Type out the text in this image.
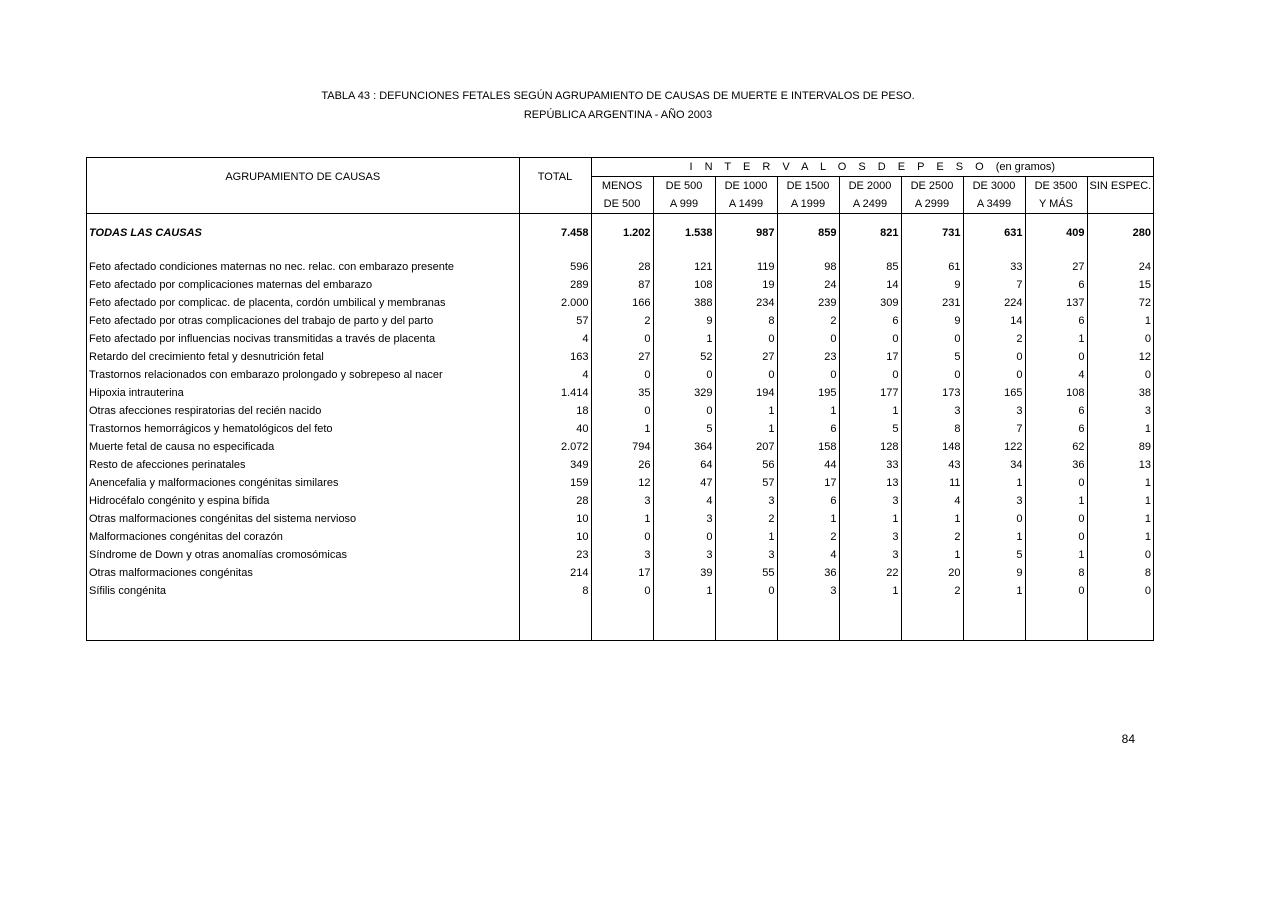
TABLA 43 : DEFUNCIONES FETALES SEGÚN AGRUPAMIENTO DE CAUSAS DE MUERTE E INTERVALOS DE PESO.
REPÚBLICA ARGENTINA - AÑO 2003
AGRUPAMIENTO DE CAUSAS	TOTAL	I N T E R V A L O S D E P E S O (en gramos)								
		MENOS	DE 500	DE 1000	DE 1500	DE 2000	DE 2500	DE 3000	DE 3500	SIN ESPEC.
		DE 500	A 999	A 1499	A 1999	A 2499	A 2999	A 3499	Y MÁS	

TODAS LAS CAUSAS	7.458	1.202	1.538	987	859	821	731	631	409	280

Feto afectado condiciones maternas no nec. relac. con embarazo presente	596	28	121	119	98	85	61	33	27	24
Feto afectado por complicaciones maternas del embarazo	289	87	108	19	24	14	9	7	6	15
Feto afectado por complicac. de placenta, cordón umbilical y membranas	2.000	166	388	234	239	309	231	224	137	72
Feto afectado por otras complicaciones del trabajo de parto y del parto	57	2	9	8	2	6	9	14	6	1
Feto afectado por influencias nocivas transmitidas a través de placenta	4	0	1	0	0	0	0	2	1	0
Retardo del crecimiento fetal y desnutrición fetal	163	27	52	27	23	17	5	0	0	12
Trastornos relacionados con embarazo prolongado y sobrepeso al nacer	4	0	0	0	0	0	0	0	4	0
Hipoxia intrauterina	1.414	35	329	194	195	177	173	165	108	38
Otras afecciones respiratorias del recién nacido	18	0	0	1	1	1	3	3	6	3
Trastornos hemorrágicos y hematológicos del feto	40	1	5	1	6	5	8	7	6	1
Muerte fetal de causa no especificada	2.072	794	364	207	158	128	148	122	62	89
Resto de afecciones perinatales	349	26	64	56	44	33	43	34	36	13
Anencefalia y malformaciones congénitas similares	159	12	47	57	17	13	11	1	0	1
Hidrocéfalo congénito y espina bífida	28	3	4	3	6	3	4	3	1	1
Otras malformaciones congénitas del sistema nervioso	10	1	3	2	1	1	1	0	0	1
Malformaciones congénitas del corazón	10	0	0	1	2	3	2	1	0	1
Síndrome de Down y otras anomalías cromosómicas	23	3	3	3	4	3	1	5	1	0
Otras malformaciones congénitas	214	17	39	55	36	22	20	9	8	8
Sífilis congénita	8	0	1	0	3	1	2	1	0	0

84
